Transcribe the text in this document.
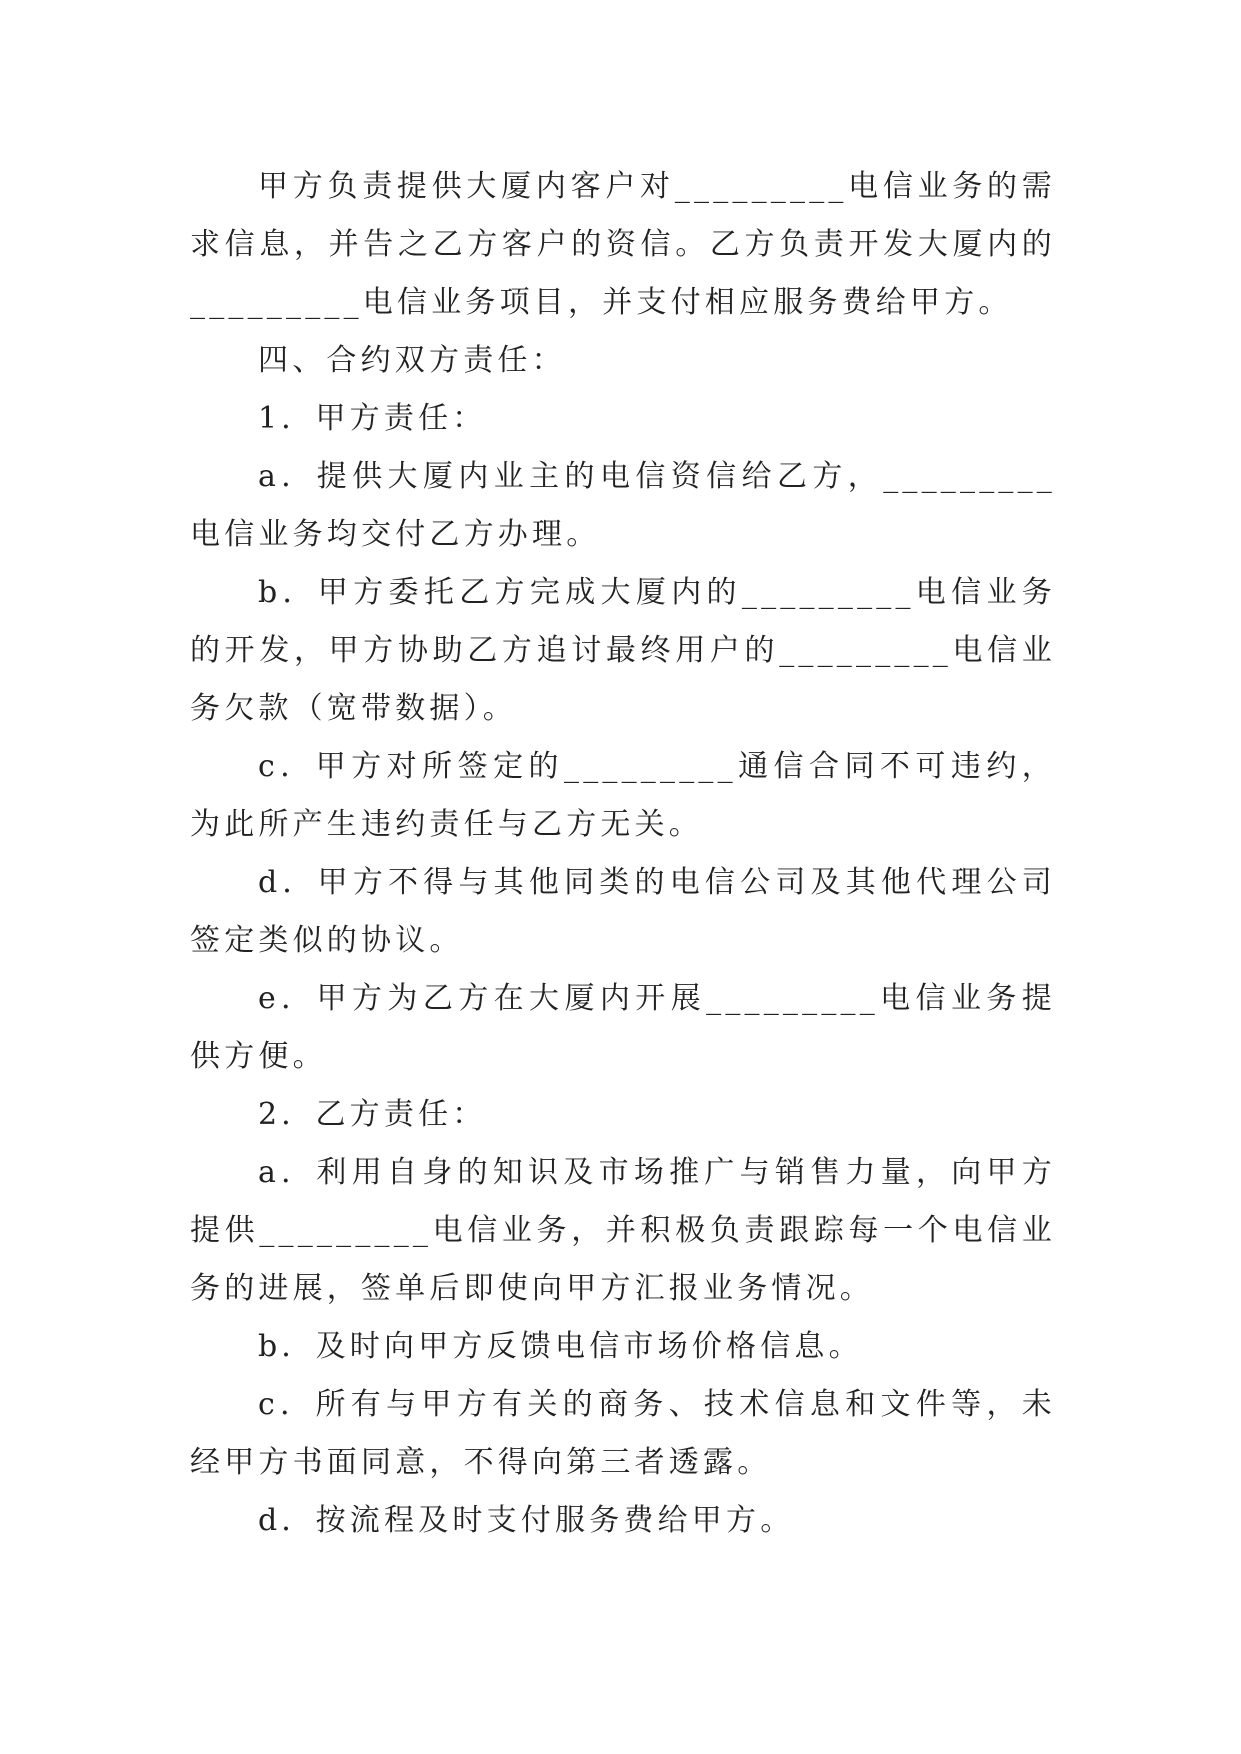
甲方负责提供大厦内客户对_________电信业务的需求信息，并告之乙方客户的资信。乙方负责开发大厦内的_________电信业务项目，并支付相应服务费给甲方。

四、合约双方责任：

1．甲方责任：

a．提供大厦内业主的电信资信给乙方，_________电信业务均交付乙方办理。

b．甲方委托乙方完成大厦内的_________电信业务的开发，甲方协助乙方追讨最终用户的_________电信业务欠款（宽带数据）。

c．甲方对所签定的_________通信合同不可违约，为此所产生违约责任与乙方无关。

d．甲方不得与其他同类的电信公司及其他代理公司签定类似的协议。

e．甲方为乙方在大厦内开展_________电信业务提供方便。

2．乙方责任：

a．利用自身的知识及市场推广与销售力量，向甲方提供_________电信业务，并积极负责跟踪每一个电信业务的进展，签单后即使向甲方汇报业务情况。

b．及时向甲方反馈电信市场价格信息。

c．所有与甲方有关的商务、技术信息和文件等，未经甲方书面同意，不得向第三者透露。

d．按流程及时支付服务费给甲方。
